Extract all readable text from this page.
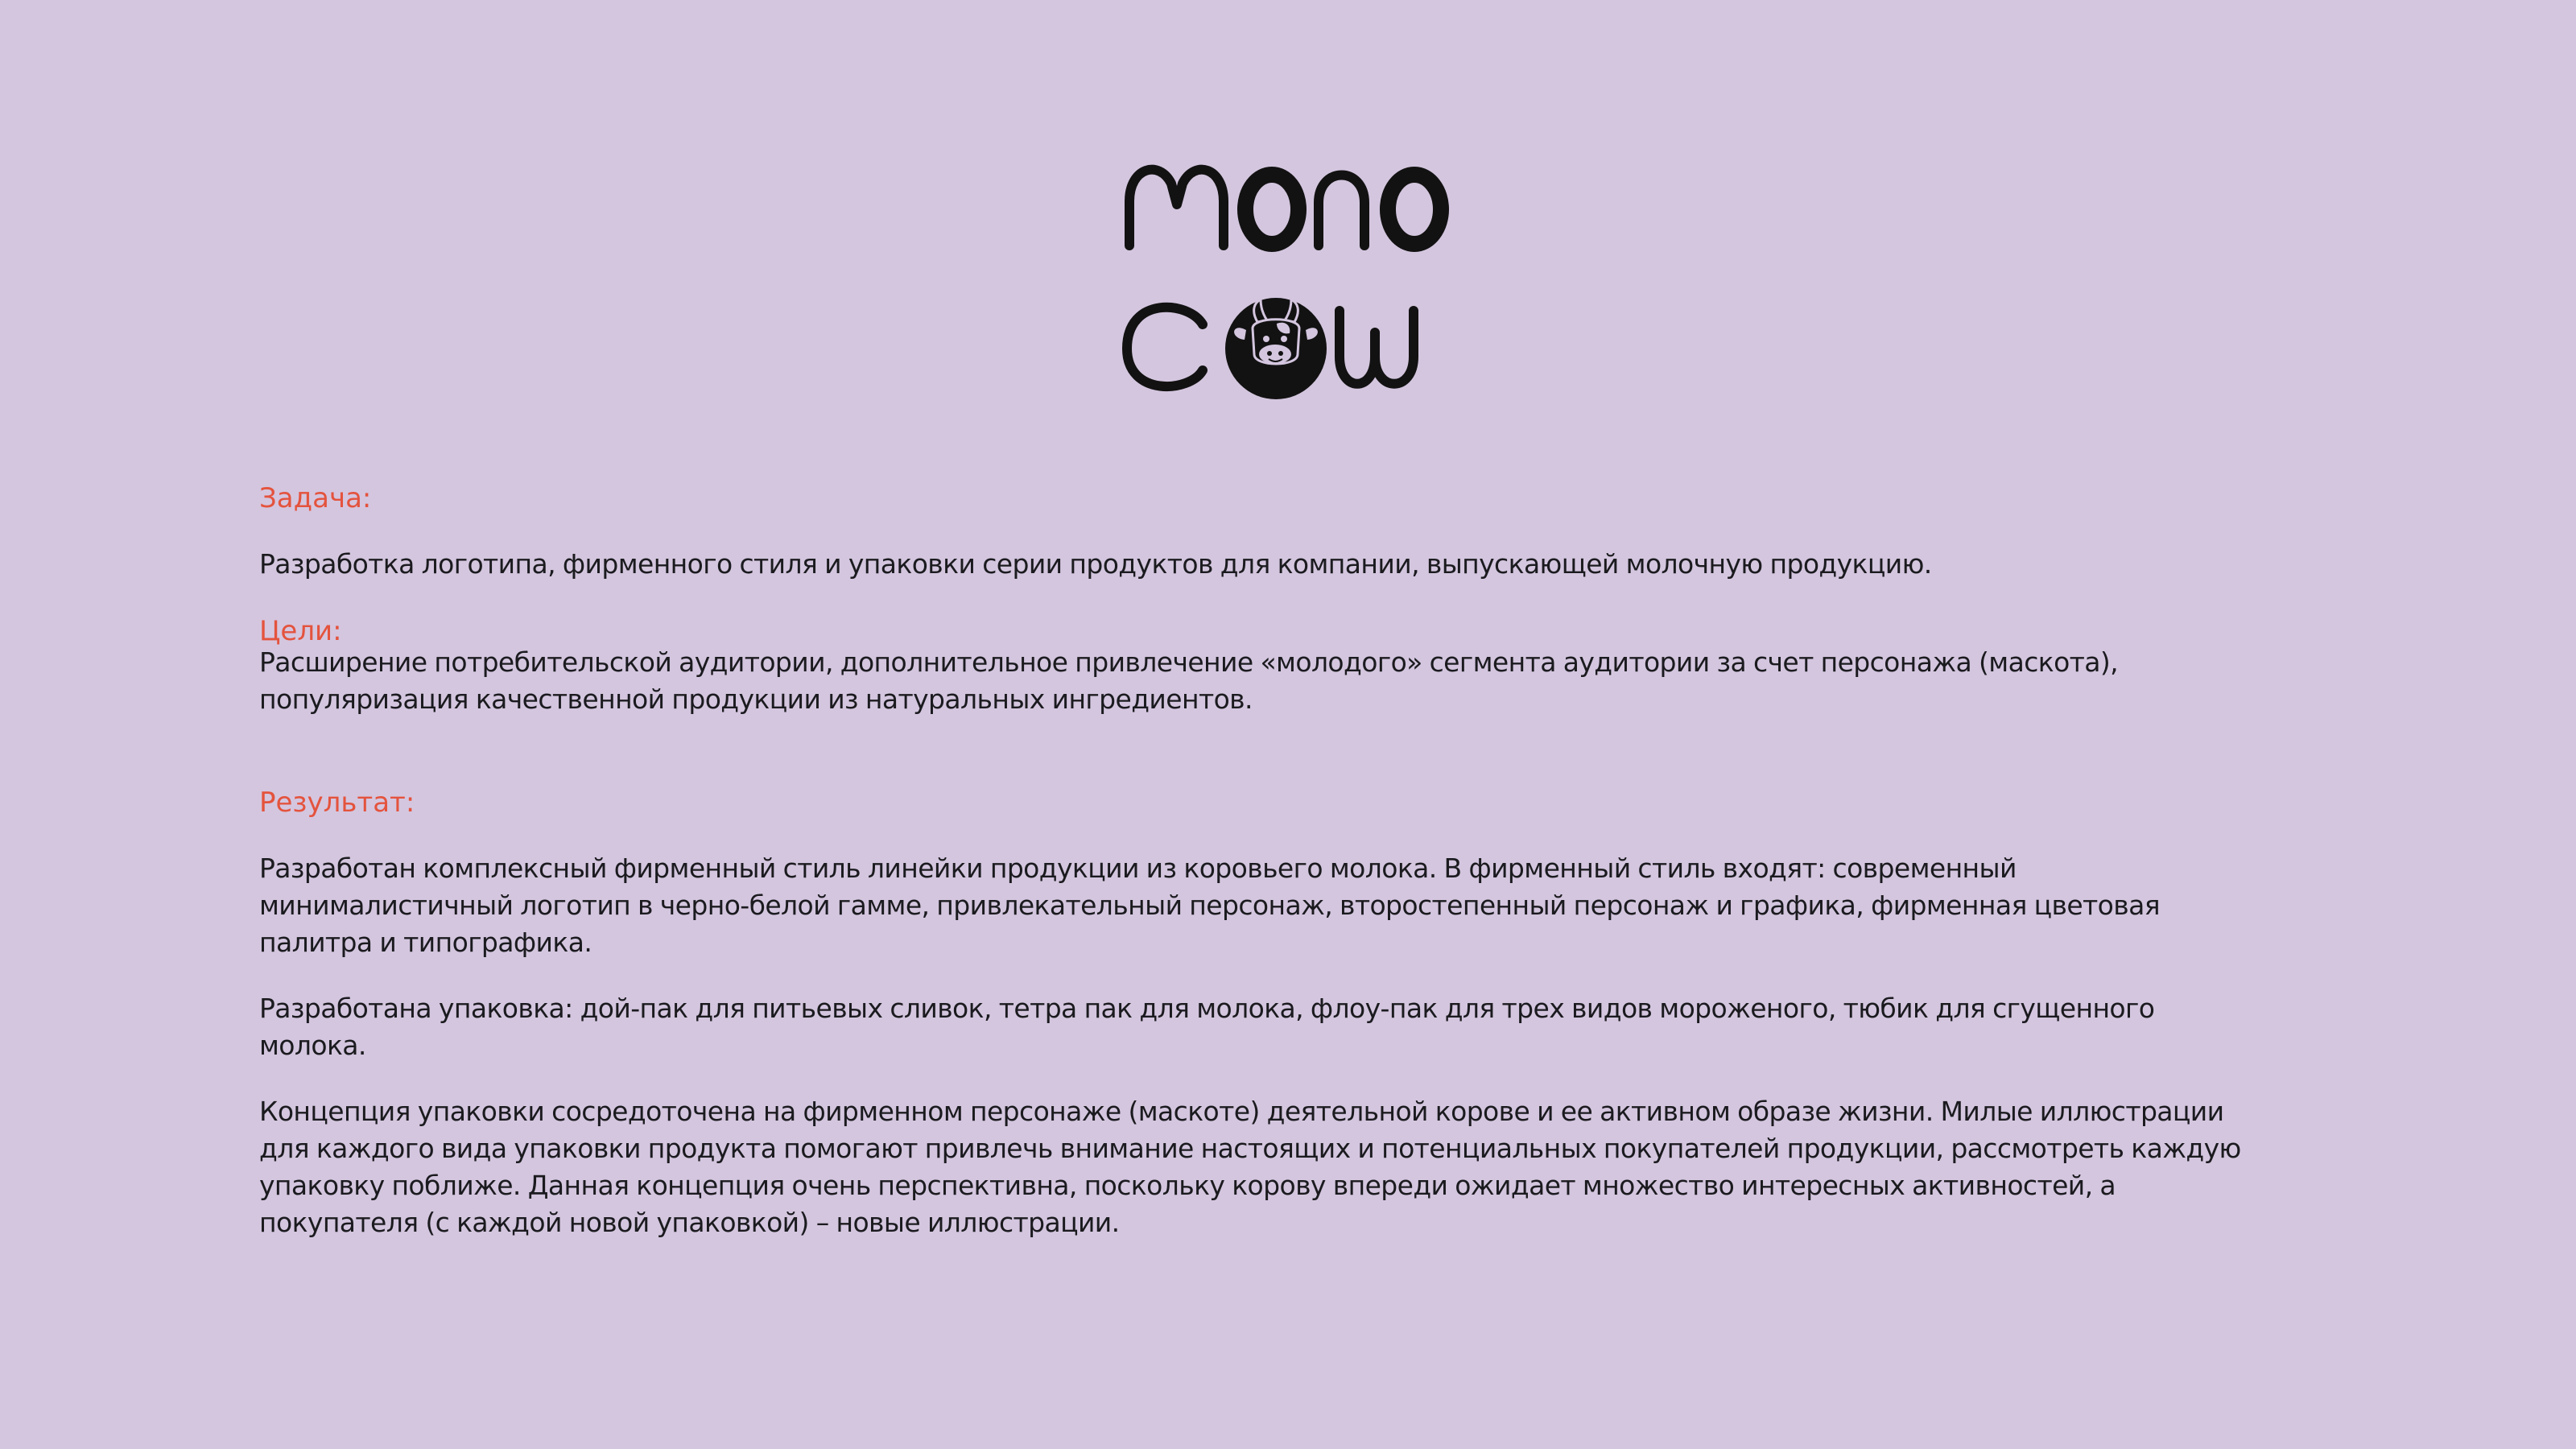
Задача:

Разработка логотипа, фирменного стиля и упаковки серии продуктов для компании, выпускающей молочную продукцию.

Цели:

Расширение потребительской аудитории, дополнительное привлечение «молодого» сегмента аудитории за счет персонажа (маскота),
популяризация качественной продукции из натуральных ингредиентов.

Результат:

Разработан комплексный фирменный стиль линейки продукции из коровьего молока. В фирменный стиль входят: современный
минималистичный логотип в черно-белой гамме, привлекательный персонаж, второстепенный персонаж и графика, фирменная цветовая
палитра и типографика.

Разработана упаковка: дой-пак для питьевых сливок, тетра пак для молока, флоу-пак для трех видов мороженого, тюбик для сгущенного
молока.

Концепция упаковки сосредоточена на фирменном персонаже (маскоте) деятельной корове и ее активном образе жизни. Милые иллюстрации
для каждого вида упаковки продукта помогают привлечь внимание настоящих и потенциальных покупателей продукции, рассмотреть каждую
упаковку поближе. Данная концепция очень перспективна, поскольку корову впереди ожидает множество интересных активностей, а
покупателя (с каждой новой упаковкой) – новые иллюстрации.
